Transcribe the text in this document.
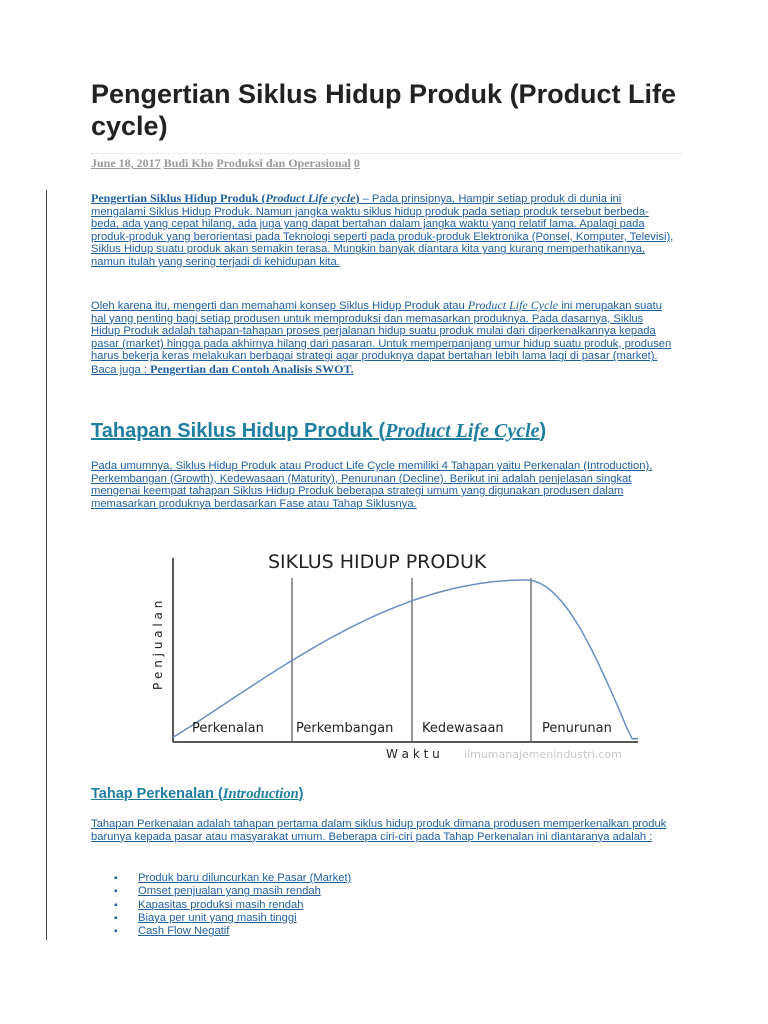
Pengertian Siklus Hidup Produk (Product Life cycle)
June 18, 2017 Budi Kho Produksi dan Operasional 0
Pengertian Siklus Hidup Produk (Product Life cycle) – Pada prinsipnya, Hampir setiap produk di dunia ini mengalami Siklus Hidup Produk. Namun jangka waktu siklus hidup produk pada setiap produk tersebut berbeda-beda, ada yang cepat hilang, ada juga yang dapat bertahan dalam jangka waktu yang relatif lama. Apalagi pada produk-produk yang berorientasi pada Teknologi seperti pada produk-produk Elektronika (Ponsel, Komputer, Televisi), Siklus Hidup suatu produk akan semakin terasa. Mungkin banyak diantara kita yang kurang memperhatikannya, namun itulah yang sering terjadi di kehidupan kita.
Oleh karena itu, mengerti dan memahami konsep Siklus Hidup Produk atau Product Life Cycle ini merupakan suatu hal yang penting bagi setiap produsen untuk memproduksi dan memasarkan produknya. Pada dasarnya, Siklus Hidup Produk adalah tahapan-tahapan proses perjalanan hidup suatu produk mulai dari diperkenalkannya kepada pasar (market) hingga pada akhirnya hilang dari pasaran. Untuk memperpanjang umur hidup suatu produk, produsen harus bekerja keras melakukan berbagai strategi agar produknya dapat bertahan lebih lama lagi di pasar (market).
Baca juga : Pengertian dan Contoh Analisis SWOT.
Tahapan Siklus Hidup Produk (Product Life Cycle)
Pada umumnya, Siklus Hidup Produk atau Product Life Cycle memiliki 4 Tahapan yaitu Perkenalan (Introduction), Perkembangan (Growth), Kedewasaan (Maturity), Penurunan (Decline). Berikut ini adalah penjelasan singkat mengenai keempat tahapan Siklus Hidup Produk beberapa strategi umum yang digunakan produsen dalam memasarkan produknya berdasarkan Fase atau Tahap Siklusnya.
SIKLUS HIDUP PRODUK
Perkenalan Perkembangan Kedewasaan	Penurunan
P e n j u a l a n
W a k t u ilmumanajemenindustri.com
Tahap Perkenalan (Introduction)
Tahapan Perkenalan adalah tahapan pertama dalam siklus hidup produk dimana produsen memperkenalkan produk barunya kepada pasar atau masyarakat umum. Beberapa ciri-ciri pada Tahap Perkenalan ini diantaranya adalah :
▪ Produk baru diluncurkan ke Pasar (Market)
▪ Omset penjualan yang masih rendah
▪ Kapasitas produksi masih rendah
▪ Biaya per unit yang masih tinggi
▪ Cash Flow Negatif
